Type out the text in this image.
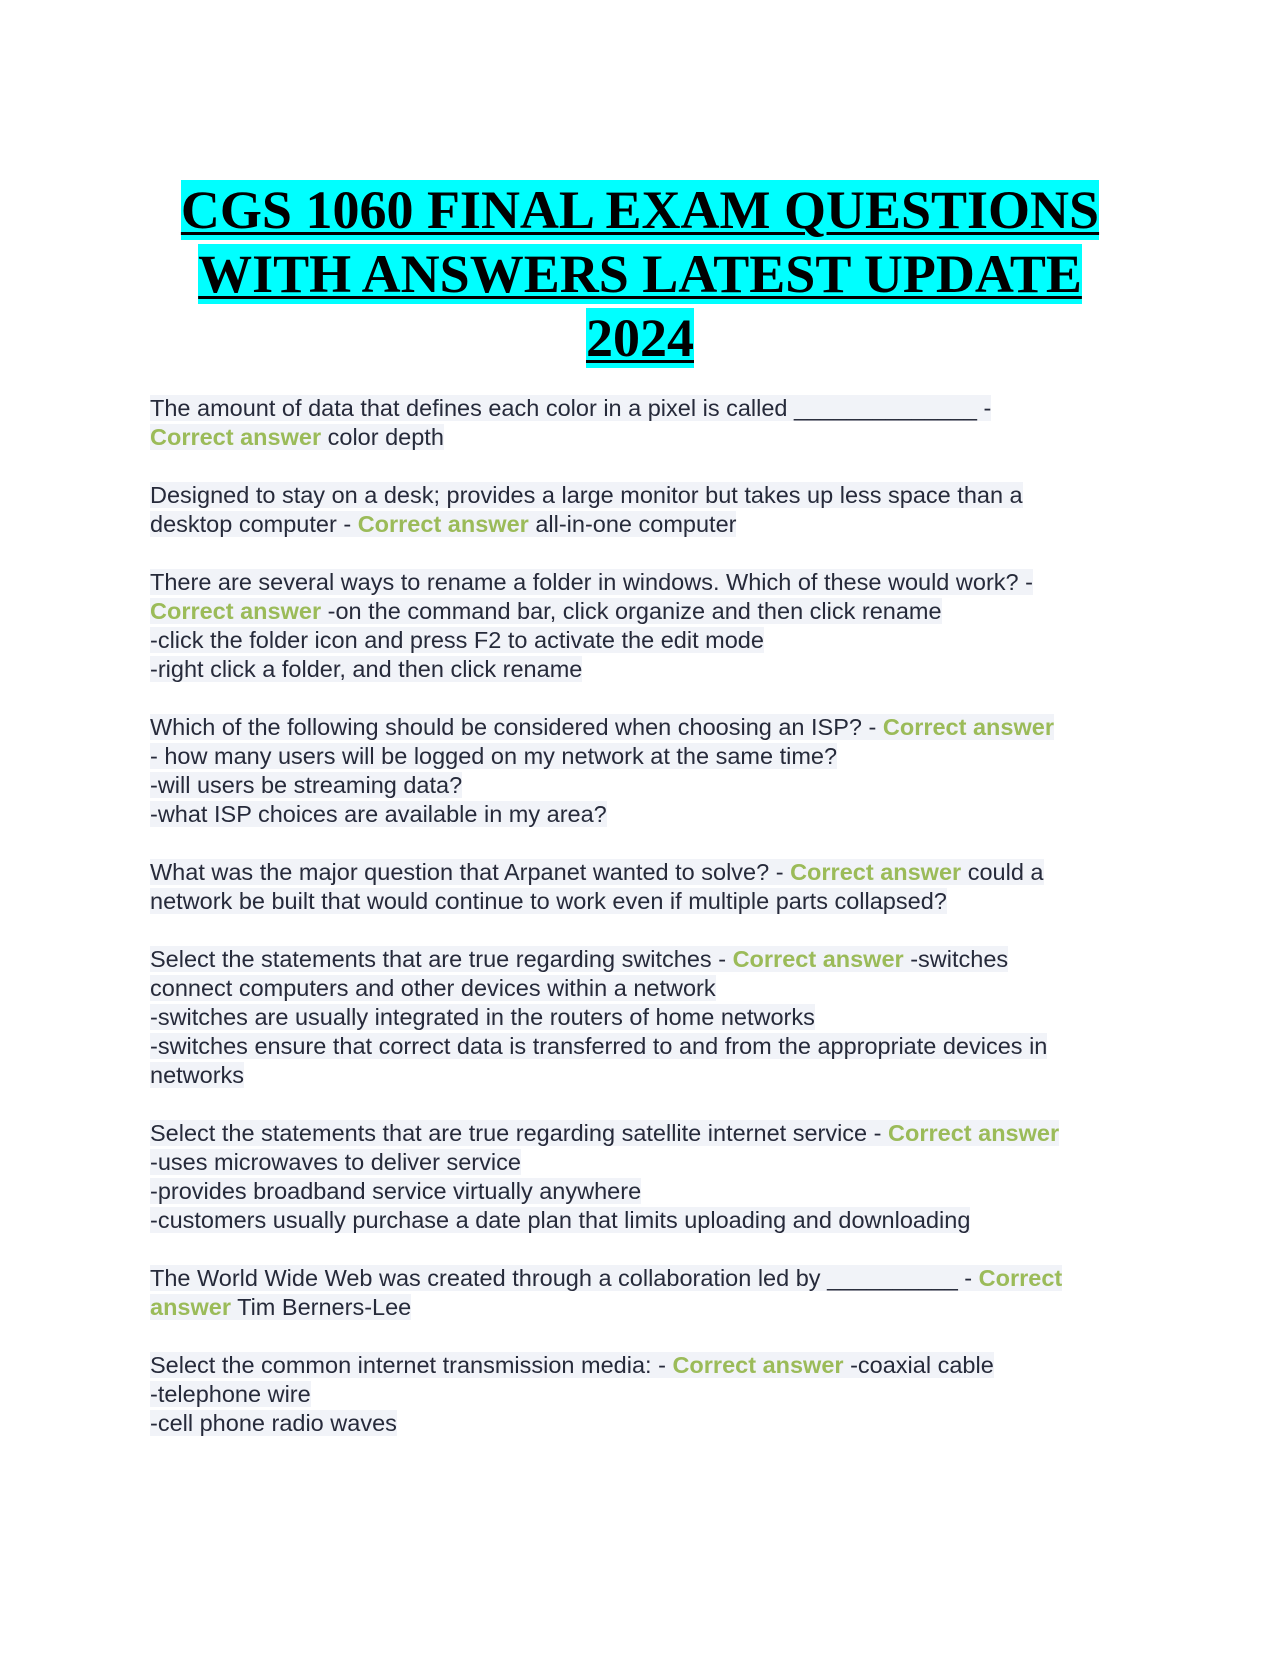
CGS 1060 FINAL EXAM QUESTIONS WITH ANSWERS LATEST UPDATE 2024
The amount of data that defines each color in a pixel is called ______________ -
Correct answer color depth
Designed to stay on a desk; provides a large monitor but takes up less space than a
desktop computer - Correct answer all-in-one computer
There are several ways to rename a folder in windows. Which of these would work? -
Correct answer -on the command bar, click organize and then click rename
-click the folder icon and press F2 to activate the edit mode
-right click a folder, and then click rename
Which of the following should be considered when choosing an ISP? - Correct answer
- how many users will be logged on my network at the same time?
-will users be streaming data?
-what ISP choices are available in my area?
What was the major question that Arpanet wanted to solve? - Correct answer could a
network be built that would continue to work even if multiple parts collapsed?
Select the statements that are true regarding switches - Correct answer -switches
connect computers and other devices within a network
-switches are usually integrated in the routers of home networks
-switches ensure that correct data is transferred to and from the appropriate devices in
networks
Select the statements that are true regarding satellite internet service - Correct answer
-uses microwaves to deliver service
-provides broadband service virtually anywhere
-customers usually purchase a date plan that limits uploading and downloading
The World Wide Web was created through a collaboration led by __________ - Correct
answer Tim Berners-Lee
Select the common internet transmission media: - Correct answer -coaxial cable
-telephone wire
-cell phone radio waves
